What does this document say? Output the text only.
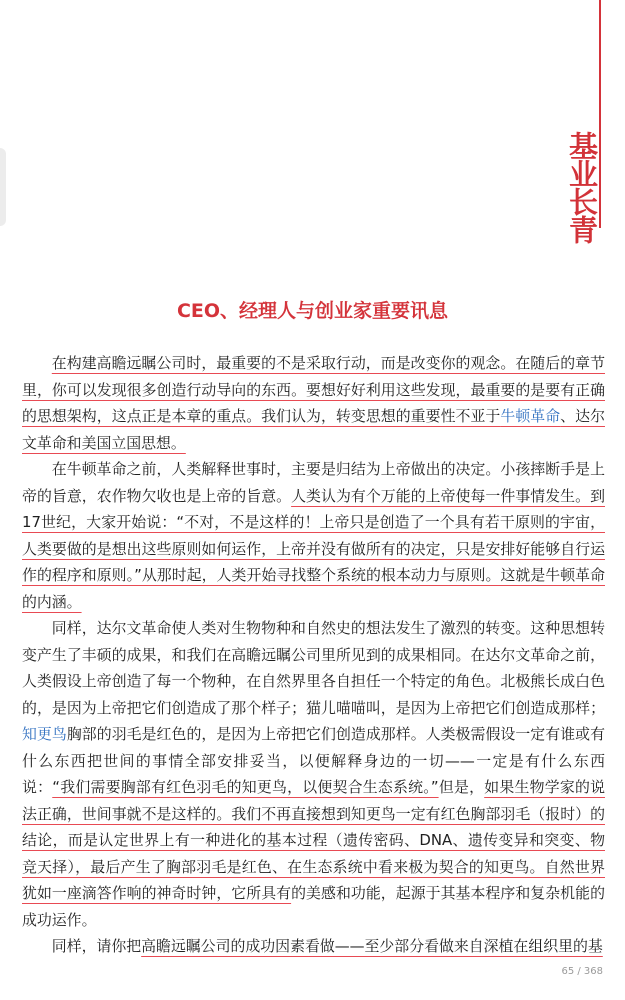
基业长青
CEO、经理人与创业家重要讯息

在构建高瞻远瞩公司时，最重要的不是采取行动，而是改变你的观念。在随后的章节里，你可以发现很多创造行动导向的东西。要想好好利用这些发现，最重要的是要有正确的思想架构，这点正是本章的重点。我们认为，转变思想的重要性不亚于牛顿革命、达尔文革命和美国立国思想。

在牛顿革命之前，人类解释世事时，主要是归结为上帝做出的决定。小孩摔断手是上帝的旨意，农作物欠收也是上帝的旨意。人类认为有个万能的上帝使每一件事情发生。到17世纪，大家开始说：“不对，不是这样的！上帝只是创造了一个具有若干原则的宇宙，人类要做的是想出这些原则如何运作，上帝并没有做所有的决定，只是安排好能够自行运作的程序和原则。”从那时起，人类开始寻找整个系统的根本动力与原则。这就是牛顿革命的内涵。

同样，达尔文革命使人类对生物物种和自然史的想法发生了激烈的转变。这种思想转变产生了丰硕的成果，和我们在高瞻远瞩公司里所见到的成果相同。在达尔文革命之前，人类假设上帝创造了每一个物种，在自然界里各自担任一个特定的角色。北极熊长成白色的，是因为上帝把它们创造成了那个样子；猫儿喵喵叫，是因为上帝把它们创造成那样；知更鸟胸部的羽毛是红色的，是因为上帝把它们创造成那样。人类极需假设一定有谁或有什么东西把世间的事情全部安排妥当，以便解释身边的一切——一定是有什么东西说：“我们需要胸部有红色羽毛的知更鸟，以便契合生态系统。”但是，如果生物学家的说法正确，世间事就不是这样的。我们不再直接想到知更鸟一定有红色胸部羽毛（报时）的结论，而是认定世界上有一种进化的基本过程（遗传密码、DNA、遗传变异和突变、物竞天择），最后产生了胸部羽毛是红色、在生态系统中看来极为契合的知更鸟。自然世界犹如一座滴答作响的神奇时钟，它所具有的美感和功能，起源于其基本程序和复杂机能的成功运作。

同样，请你把高瞻远瞩公司的成功因素看做——至少部分看做来自深植在组织里的基

65 / 368
